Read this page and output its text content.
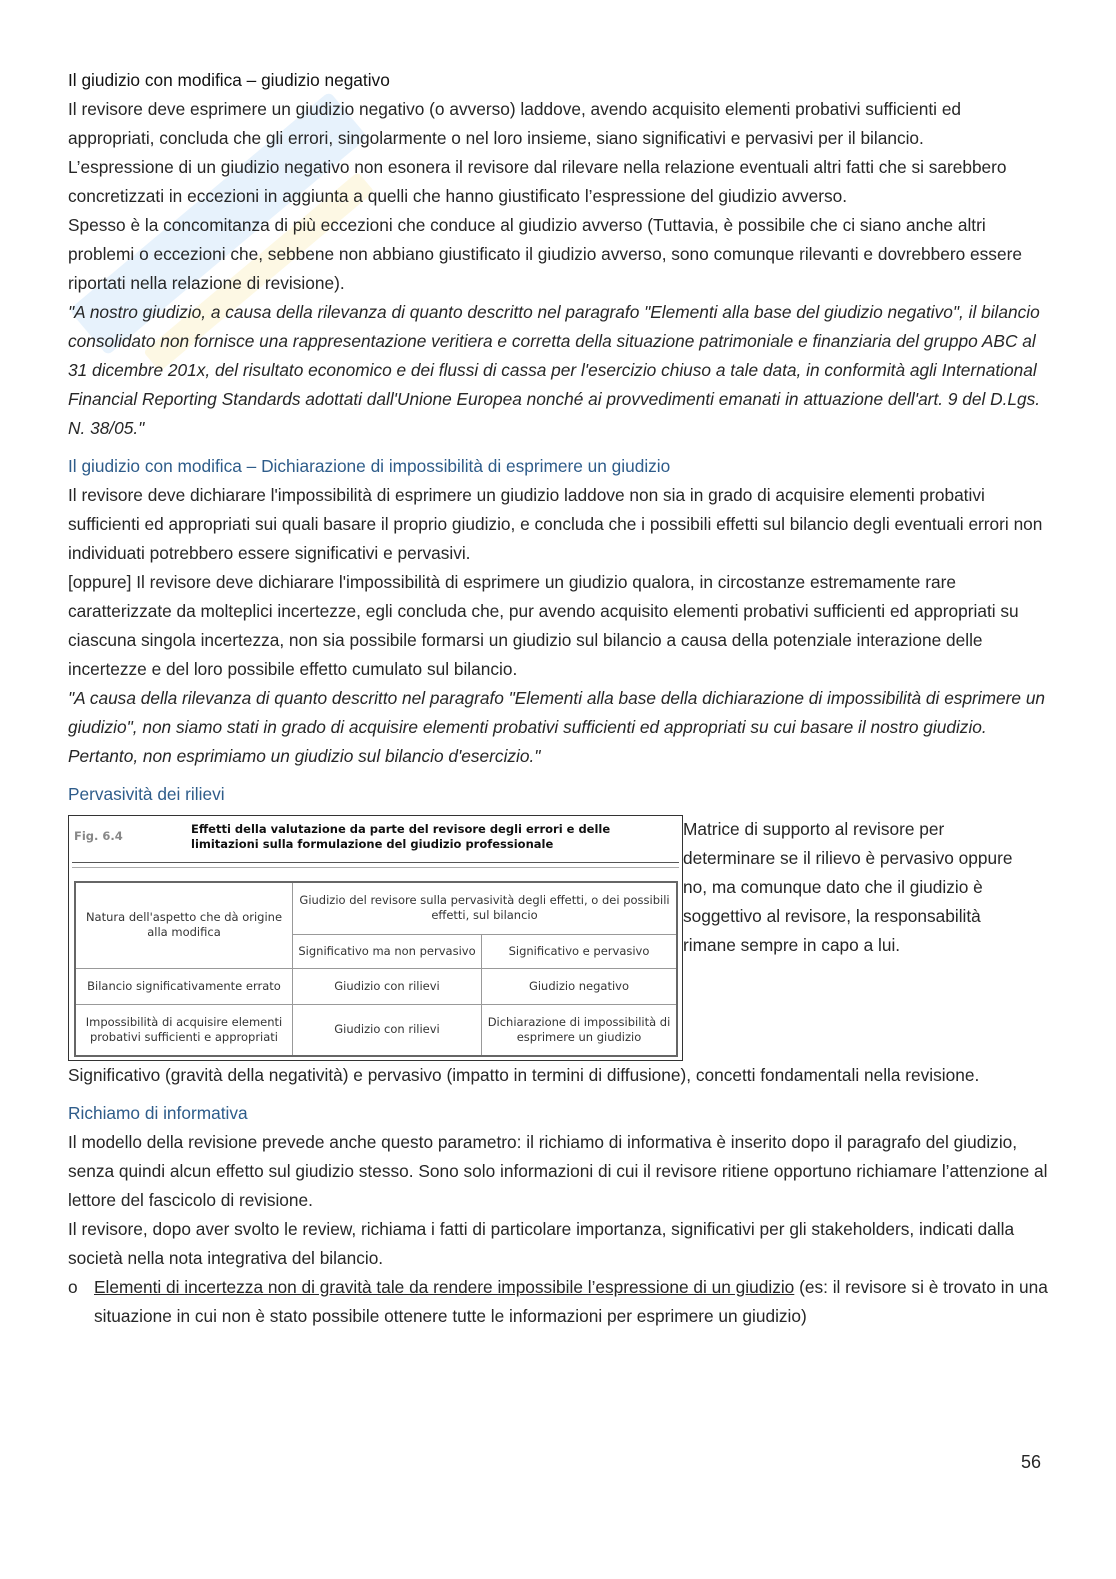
Il giudizio con modifica – giudizio negativo

Il revisore deve esprimere un giudizio negativo (o avverso) laddove, avendo acquisito elementi probativi sufficienti ed appropriati, concluda che gli errori, singolarmente o nel loro insieme, siano significativi e pervasivi per il bilancio.

L’espressione di un giudizio negativo non esonera il revisore dal rilevare nella relazione eventuali altri fatti che si sarebbero concretizzati in eccezioni in aggiunta a quelli che hanno giustificato l’espressione del giudizio avverso.

Spesso è la concomitanza di più eccezioni che conduce al giudizio avverso (Tuttavia, è possibile che ci siano anche altri problemi o eccezioni che, sebbene non abbiano giustificato il giudizio avverso, sono comunque rilevanti e dovrebbero essere riportati nella relazione di revisione).

"A nostro giudizio, a causa della rilevanza di quanto descritto nel paragrafo "Elementi alla base del giudizio negativo", il bilancio consolidato non fornisce una rappresentazione veritiera e corretta della situazione patrimoniale e finanziaria del gruppo ABC al 31 dicembre 201x, del risultato economico e dei flussi di cassa per l'esercizio chiuso a tale data, in conformità agli International Financial Reporting Standards adottati dall'Unione Europea nonché ai provvedimenti emanati in attuazione dell'art. 9 del D.Lgs. N. 38/05."

Il giudizio con modifica – Dichiarazione di impossibilità di esprimere un giudizio

Il revisore deve dichiarare l'impossibilità di esprimere un giudizio laddove non sia in grado di acquisire elementi probativi sufficienti ed appropriati sui quali basare il proprio giudizio, e concluda che i possibili effetti sul bilancio degli eventuali errori non individuati potrebbero essere significativi e pervasivi.

[oppure] Il revisore deve dichiarare l'impossibilità di esprimere un giudizio qualora, in circostanze estremamente rare caratterizzate da molteplici incertezze, egli concluda che, pur avendo acquisito elementi probativi sufficienti ed appropriati su ciascuna singola incertezza, non sia possibile formarsi un giudizio sul bilancio a causa della potenziale interazione delle incertezze e del loro possibile effetto cumulato sul bilancio.

"A causa della rilevanza di quanto descritto nel paragrafo "Elementi alla base della dichiarazione di impossibilità di esprimere un giudizio", non siamo stati in grado di acquisire elementi probativi sufficienti ed appropriati su cui basare il nostro giudizio.

Pertanto, non esprimiamo un giudizio sul bilancio d'esercizio."

Pervasività dei rilievi
Fig. 6.4	Effetti della valutazione da parte del revisore degli errori e delle limitazioni sulla formulazione del giudizio professionale
Natura dell'aspetto che dà origine alla modifica	Giudizio del revisore sulla pervasività degli effetti, o dei possibili effetti, sul bilancio	
	Significativo ma non pervasivo	Significativo e pervasivo
Bilancio significativamente errato	Giudizio con rilievi	Giudizio negativo
Impossibilità di acquisire elementi probativi sufficienti e appropriati	Giudizio con rilievi	Dichiarazione di impossibilità di esprimere un giudizio

Matrice di supporto al revisore per determinare se il rilievo è pervasivo oppure no, ma comunque dato che il giudizio è soggettivo al revisore, la responsabilità rimane sempre in capo a lui.

Significativo (gravità della negatività) e pervasivo (impatto in termini di diffusione), concetti fondamentali nella revisione.

Richiamo di informativa

Il modello della revisione prevede anche questo parametro: il richiamo di informativa è inserito dopo il paragrafo del giudizio, senza quindi alcun effetto sul giudizio stesso. Sono solo informazioni di cui il revisore ritiene opportuno richiamare l’attenzione al lettore del fascicolo di revisione.

Il revisore, dopo aver svolto le review, richiama i fatti di particolare importanza, significativi per gli stakeholders, indicati dalla società nella nota integrativa del bilancio.

o Elementi di incertezza non di gravità tale da rendere impossibile l’espressione di un giudizio (es: il revisore si è trovato in una situazione in cui non è stato possibile ottenere tutte le informazioni per esprimere un giudizio)

56
